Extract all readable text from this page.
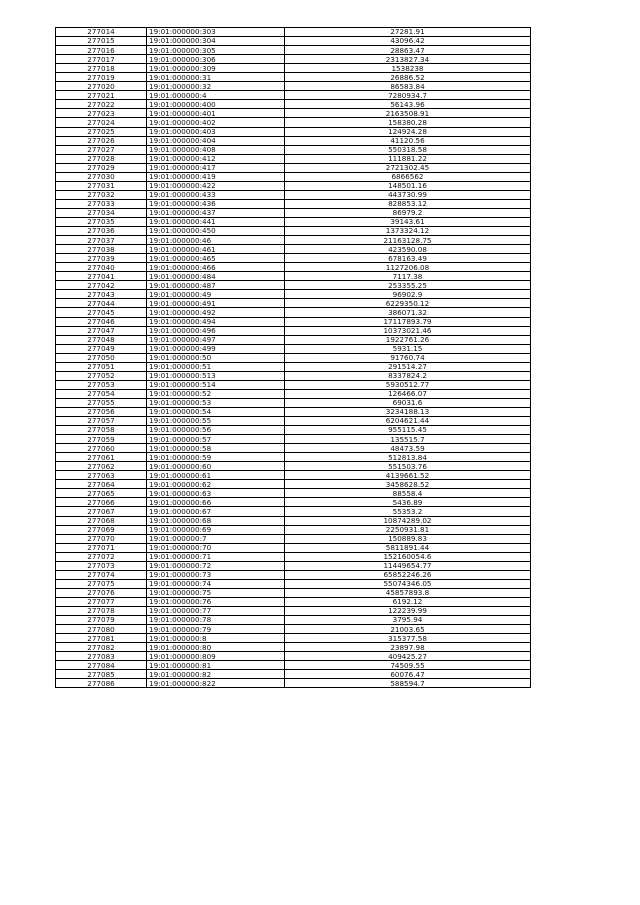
277014	19:01:000000:303	27281.91
277015	19:01:000000:304	43096.42
277016	19:01:000000:305	28863.47
277017	19:01:000000:306	2313827.34
277018	19:01:000000:309	1538238
277019	19:01:000000:31	26886.52
277020	19:01:000000:32	86583.84
277021	19:01:000000:4	7280934.7
277022	19:01:000000:400	56143.96
277023	19:01:000000:401	2163508.91
277024	19:01:000000:402	158380.28
277025	19:01:000000:403	124924.28
277026	19:01:000000:404	41120.56
277027	19:01:000000:408	550318.58
277028	19:01:000000:412	111881.22
277029	19:01:000000:417	2721302.45
277030	19:01:000000:419	6866562
277031	19:01:000000:422	148501.16
277032	19:01:000000:433	443730.99
277033	19:01:000000:436	828853.12
277034	19:01:000000:437	86979.2
277035	19:01:000000:441	39143.61
277036	19:01:000000:450	1373324.12
277037	19:01:000000:46	21163128.75
277038	19:01:000000:461	423590.08
277039	19:01:000000:465	678163.49
277040	19:01:000000:466	1127206.08
277041	19:01:000000:484	7117.38
277042	19:01:000000:487	253355.25
277043	19:01:000000:49	96902.9
277044	19:01:000000:491	6229350.12
277045	19:01:000000:492	386071.32
277046	19:01:000000:494	17117893.79
277047	19:01:000000:496	10373021.46
277048	19:01:000000:497	1922761.26
277049	19:01:000000:499	5931.15
277050	19:01:000000:50	91760.74
277051	19:01:000000:51	291514.27
277052	19:01:000000:513	8337824.2
277053	19:01:000000:514	5930512.77
277054	19:01:000000:52	126466.07
277055	19:01:000000:53	69031.6
277056	19:01:000000:54	3234188.13
277057	19:01:000000:55	6204621.44
277058	19:01:000000:56	955115.45
277059	19:01:000000:57	135515.7
277060	19:01:000000:58	48473.59
277061	19:01:000000:59	512813.84
277062	19:01:000000:60	551503.76
277063	19:01:000000:61	4139661.52
277064	19:01:000000:62	3458628.52
277065	19:01:000000:63	88558.4
277066	19:01:000000:66	5436.89
277067	19:01:000000:67	55353.2
277068	19:01:000000:68	10874289.02
277069	19:01:000000:69	2250931.81
277070	19:01:000000:7	150889.83
277071	19:01:000000:70	5811891.44
277072	19:01:000000:71	152160054.6
277073	19:01:000000:72	11449654.77
277074	19:01:000000:73	65852246.26
277075	19:01:000000:74	55074346.05
277076	19:01:000000:75	45857893.8
277077	19:01:000000:76	6192.12
277078	19:01:000000:77	122239.99
277079	19:01:000000:78	3795.94
277080	19:01:000000:79	21003.65
277081	19:01:000000:8	315377.58
277082	19:01:000000:80	23897.98
277083	19:01:000000:809	409425.27
277084	19:01:000000:81	74509.55
277085	19:01:000000:82	60076.47
277086	19:01:000000:822	588594.7
